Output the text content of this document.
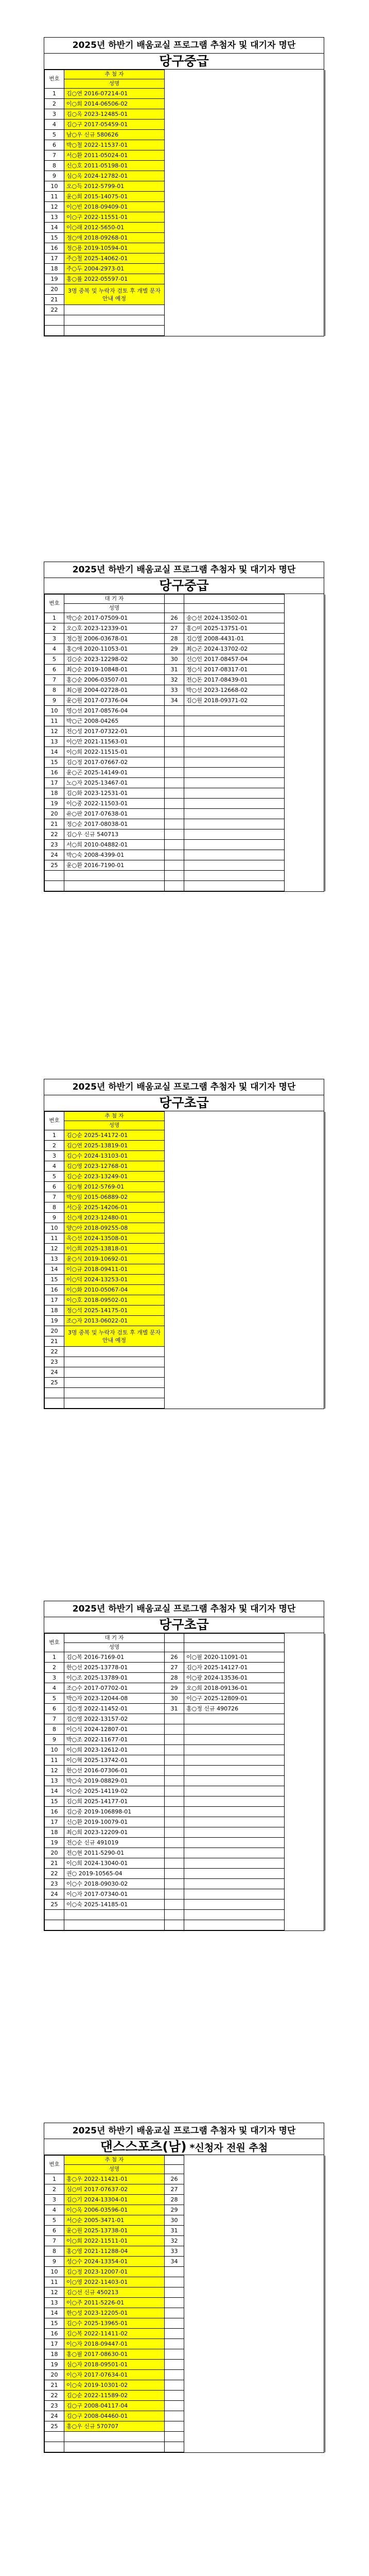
2025년 하반기 배움교실 프로그램 추첨자 및 대기자 명단
당구중급
번호	추 첨 자	
	성명	
1	김○연 2016-07214-01	
2	이○희 2014-06506-02	
3	김○옥 2023-12485-01	
4	김○구 2017-05459-01	
5	남○우 신규 580626	
6	박○철 2022-11537-01	
7	서○환 2011-05024-01	
8	신○호 2011-05198-01	
9	심○옥 2024-12782-01	
10	오○득 2012-5799-01	
11	윤○희 2015-14075-01	
12	이○빈 2018-09409-01	
13	이○구 2022-11551-01	
14	이○래 2012-5650-01	
15	정○애 2018-09268-01	
16	정○용 2019-10594-01	
17	주○철 2025-14062-01	
18	주○두 2004-2973-01	
19	홍○률 2022-05597-01	
20	3명 중복 및 누락자 검토 후 개별 문자 안내 예정	
21		
22		

2025년 하반기 배움교실 프로그램 추첨자 및 대기자 명단
당구중급
번호	대 기 자			
	성명			
1	박○순 2017-07509-01	26	송○선 2024-13502-01	
2	오○호 2023-12339-01	27	홍○미 2025-13751-01	
3	정○철 2006-03678-01	28	김○열 2008-4431-01	
4	홍○애 2020-11053-01	29	최○곤 2024-13702-02	
5	김○순 2023-12298-02	30	신○인 2017-08457-04	
6	최○순 2019-10848-01	31	정○식 2017-08317-01	
7	홍○순 2006-03507-01	32	전○돈 2017-08439-01	
8	최○필 2004-02728-01	33	박○선 2023-12668-02	
9	윤○원 2017-07376-04	34	김○원 2018-09371-02	
10	영○선 2017-08576-04			
11	박○근 2008-04265			
12	전○성 2017-07322-01			
13	이○만 2021-11563-01			
14	이○희 2022-11515-01			
15	김○정 2017-07667-02			
16	윤○곤 2025-14149-01			
17	노○자 2025-13467-01			
18	김○화 2023-12531-01			
19	이○중 2022-11503-01			
20	유○판 2017-07638-01			
21	정○순 2017-08038-01			
22	김○우 신규 540713			
23	서○희 2010-04882-01			
24	박○숙 2008-4399-01			
25	윤○환 2016-7190-01			

2025년 하반기 배움교실 프로그램 추첨자 및 대기자 명단
당구초급
번호	추 첨 자	
	성명	
1	김○순 2025-14172-01	
2	김○연 2025-13819-01	
3	김○수 2024-13103-01	
4	김○영 2023-12768-01	
5	김○순 2023-13249-01	
6	김○형 2012-5769-01	
7	박○임 2015-06889-02	
8	서○웅 2025-14206-01	
9	신○재 2023-12480-01	
10	양○아 2018-09255-08	
11	옥○선 2024-13508-01	
12	이○희 2025-13818-01	
13	윤○식 2019-10692-01	
14	이○규 2018-09411-01	
15	이○덕 2024-13253-01	
16	이○화 2010-05067-04	
17	이○호 2018-09502-01	
18	정○석 2025-14175-01	
19	조○자 2013-06022-01	
20	3명 중복 및 누락자 검토 후 개별 문자 안내 예정	
21		
22		
23		
24		
25		

2025년 하반기 배움교실 프로그램 추첨자 및 대기자 명단
당구초급
번호	대 기 자			
	성명			
1	김○복 2016-7169-01	26	이○필 2020-11091-01	
2	한○선 2025-13778-01	27	김○자 2025-14127-01	
3	이○조 2025-13789-01	28	이○광 2024-13536-01	
4	조○수 2017-07702-01	29	오○희 2018-09136-01	
5	박○자 2023-12044-08	30	이○구 2025-12809-01	
6	김○경 2022-11452-01	31	홍○정 신규 490726	
7	김○영 2022-13157-02			
8	이○식 2024-12807-01			
9	박○조 2022-11677-01			
10	이○희 2023-12612-01			
11	이○혁 2025-13742-01			
12	한○선 2016-07306-01			
13	박○숙 2019-08829-01			
14	이○순 2025-14119-02			
15	김○희 2025-14177-01			
16	김○중 2019-106898-01			
17	신○환 2019-10079-01			
18	최○희 2023-12209-01			
19	전○순 신규 491019			
20	전○현 2011-5290-01			
21	이○희 2024-13040-01			
22	권○ 2019-10565-04			
23	이○수 2018-09030-02			
24	이○자 2017-07340-01			
25	이○숙 2025-14185-01			

2025년 하반기 배움교실 프로그램 추첨자 및 대기자 명단
댄스스포츠(남) *신청자 전원 추첨
번호	추 첨 자		
	성명		
1	홍○우 2022-11421-01	26	
2	심○미 2017-07637-02	27	
3	김○기 2024-13304-01	28	
4	이○옥 2006-03596-01	29	
5	서○순 2005-3471-01	30	
6	윤○원 2025-13738-01	31	
7	이○희 2022-11511-01	32	
8	홍○영 2021-11288-04	33	
9	성○수 2024-13354-01	34	
10	김○정 2023-12007-01		
11	이○영 2022-11403-01		
12	김○선 신규 450213		
13	이○주 2011-5226-01		
14	한○성 2023-12205-01		
15	김○수 2025-13965-01		
16	김○복 2022-11411-02		
17	이○자 2018-09447-01		
18	홍○필 2017-08630-01		
19	심○자 2018-09501-01		
20	이○자 2017-07634-01		
21	이○숙 2019-10301-02		
22	김○순 2022-11589-02		
23	김○구 2008-04117-04		
24	김○구 2008-04460-01		
25	홍○우 신규 570707		
